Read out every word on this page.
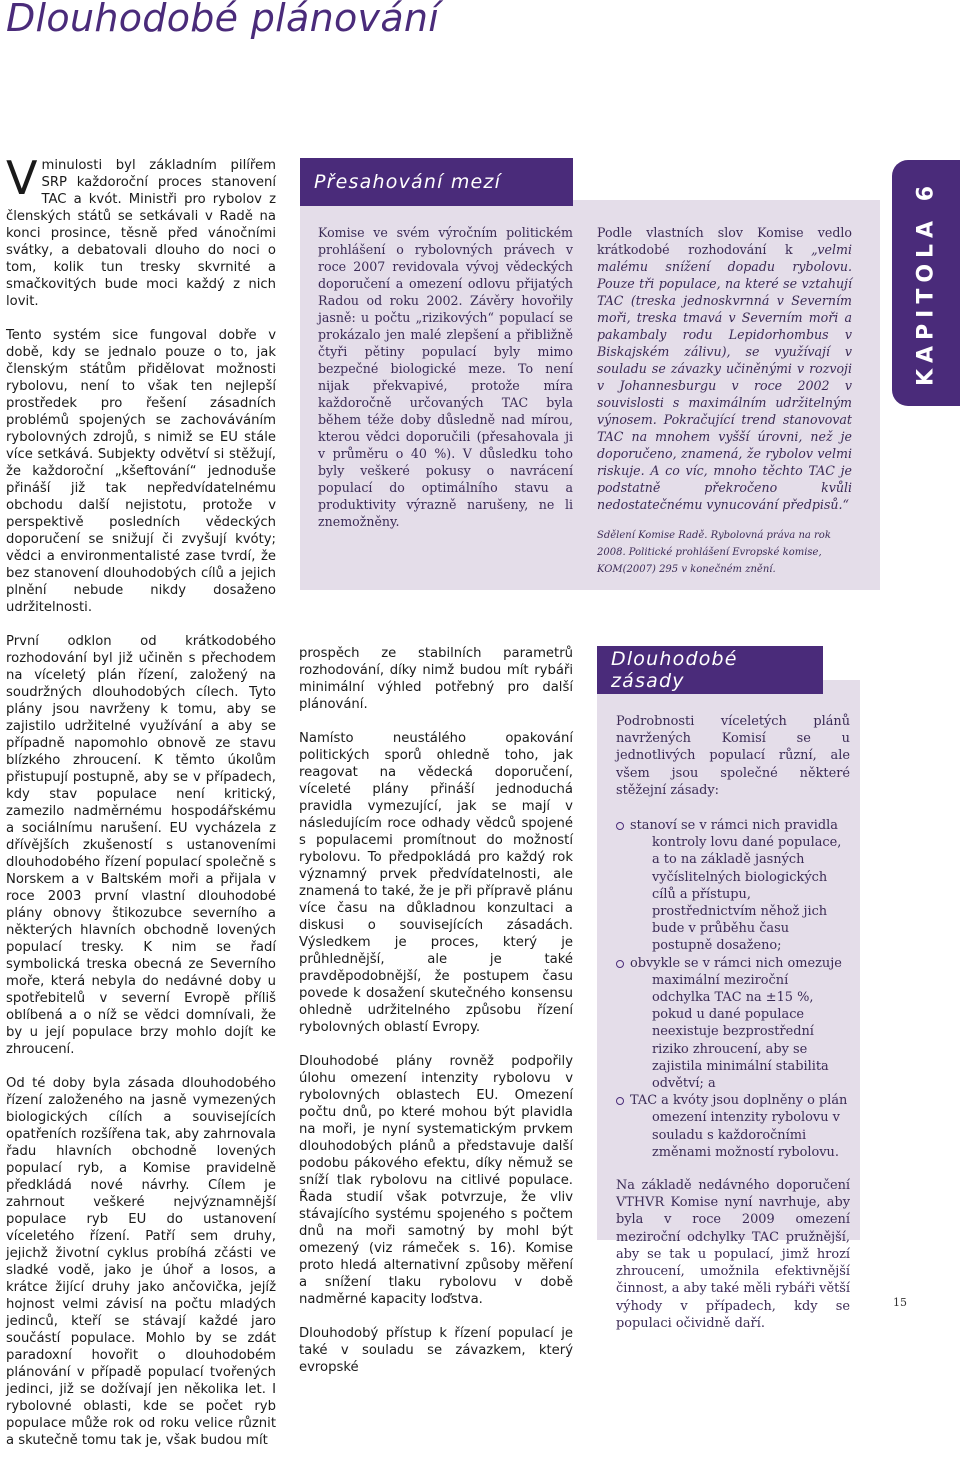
Dlouhodobé plánování
KAPITOLA 6

Vminulosti byl základním pilířem SRP každoroční proces stanovení TAC a kvót. Ministři pro rybolov z členských států se setkávali v Radě na konci prosince, těsně před vánočními svátky, a debatovali dlouho do noci o tom, kolik tun tresky skvrnité a smačkovitých bude moci každý z nich lovit.

Tento systém sice fungoval dobře v době, kdy se jednalo pouze o to, jak členským státům přidělovat možnosti rybolovu, není to však ten nejlepší prostředek pro řešení zásadních problémů spojených se zachováváním rybolovných zdrojů, s nimiž se EU stále více setkává. Subjekty odvětví si stěžují, že každoroční „kšeftování“ jednoduše přináší již tak nepředvídatelnému obchodu další nejistotu, protože v perspektivě posledních vědeckých doporučení se snižují či zvyšují kvóty; vědci a environmentalisté zase tvrdí, že bez stanovení dlouhodobých cílů a jejich plnění nebude nikdy dosaženo udržitelnosti.

První odklon od krátkodobého rozhodování byl již učiněn s přechodem na víceletý plán řízení, založený na soudržných dlouhodobých cílech. Tyto plány jsou navrženy k tomu, aby se zajistilo udržitelné využívání a aby se případně napomohlo obnově ze stavu blízkého zhroucení. K těmto úkolům přistupují postupně, aby se v případech, kdy stav populace není kritický, zamezilo nadměrnému hospodářskému a sociálnímu narušení. EU vycházela z dřívějších zkušeností s ustanoveními dlouhodobého řízení populací společně s Norskem a v Baltském moři a přijala v roce 2003 první vlastní dlouhodobé plány obnovy štikozubce severního a některých hlavních obchodně lovených populací tresky. K nim se řadí symbolická treska obecná ze Severního moře, která nebyla do nedávné doby u spotřebitelů v severní Evropě příliš oblíbená a o níž se vědci domnívali, že by u její populace brzy mohlo dojít ke zhroucení.

Od té doby byla zásada dlouhodobého řízení založeného na jasně vymezených biologických cílích a souvisejících opatřeních rozšířena tak, aby zahrnovala řadu hlavních obchodně lovených populací ryb, a Komise pravidelně předkládá nové návrhy. Cílem je zahrnout veškeré nejvýznamnější populace ryb EU do ustanovení víceletého řízení. Patří sem druhy, jejichž životní cyklus probíhá zčásti ve sladké vodě, jako je úhoř a losos, a krátce žijící druhy jako ančovička, jejíž hojnost velmi závisí na počtu mladých jedinců, kteří se stávají každé jaro součástí populace. Mohlo by se zdát paradoxní hovořit o dlouhodobém plánování v případě populací tvořených jedinci, již se dožívají jen několika let. I rybolovné oblasti, kde se počet ryb populace může rok od roku velice různit a skutečně tomu tak je, však budou mít

Přesahování mezí

Komise ve svém výročním politickém prohlášení o rybolovných právech v roce 2007 revidovala vývoj vědeckých doporučení a omezení odlovu přijatých Radou od roku 2002. Závěry hovořily jasně: u počtu „rizikových“ populací se prokázalo jen malé zlepšení a přibližně čtyři pětiny populací byly mimo bezpečné biologické meze. To není nijak překvapivé, protože míra každoročně určovaných TAC byla během téže doby důsledně nad mírou, kterou vědci doporučili (přesahovala ji v průměru o 40 %). V důsledku toho byly veškeré pokusy o navrácení populací do optimálního stavu a produktivity výrazně narušeny, ne li znemožněny.

Podle vlastních slov Komise vedlo krátkodobé rozhodování k „velmi malému snížení dopadu rybolovu. Pouze tři populace, na které se vztahují TAC (treska jednoskvrnná v Severním moři, treska tmavá v Severním moři a pakambaly rodu Lepidorhombus v Biskajském zálivu), se využívají v souladu se závazky učiněnými v rozvoji v Johannesburgu v roce 2002 v souvislosti s maximálním udržitelným výnosem. Pokračující trend stanovovat TAC na mnohem vyšší úrovni, než je doporučeno, znamená, že rybolov velmi riskuje. A co víc, mnoho těchto TAC je podstatně překročeno kvůli nedostatečnému vynucování předpisů.“

Sdělení Komise Radě. Rybolovná práva na rok 2008. Politické prohlášení Evropské komise, KOM(2007) 295 v konečném znění.

prospěch ze stabilních parametrů rozhodování, díky nimž budou mít rybáři minimální výhled potřebný pro další plánování.

Namísto neustálého opakování politických sporů ohledně toho, jak reagovat na vědecká doporučení, víceleté plány přináší jednoduchá pravidla vymezující, jak se mají v následujícím roce odhady vědců spojené s populacemi promítnout do možností rybolovu. To předpokládá pro každý rok významný prvek předvídatelnosti, ale znamená to také, že je při přípravě plánu více času na důkladnou konzultaci a diskusi o souvisejících zásadách. Výsledkem je proces, který je průhlednější, ale je také pravděpodobnější, že postupem času povede k dosažení skutečného konsensu ohledně udržitelného způsobu řízení rybolovných oblastí Evropy.

Dlouhodobé plány rovněž podpořily úlohu omezení intenzity rybolovu v rybolovných oblastech EU. Omezení počtu dnů, po které mohou být plavidla na moři, je nyní systematickým prvkem dlouhodobých plánů a představuje další podobu pákového efektu, díky němuž se sníží tlak rybolovu na citlivé populace. Řada studií však potvrzuje, že vliv stávajícího systému spojeného s počtem dnů na moři samotný by mohl být omezený (viz rámeček s. 16). Komise proto hledá alternativní způsoby měření a snížení tlaku rybolovu v době nadměrné kapacity loďstva.

Dlouhodobý přístup k řízení populací je také v souladu se závazkem, který evropské

Dlouhodobé zásady

Podrobnosti víceletých plánů navržených Komisí se u jednotlivých populací různí, ale všem jsou společné některé stěžejní zásady:

stanoví se v rámci nich pravidla kontroly lovu dané populace, a to na základě jasných vyčíslitelných biologických cílů a přístupu, prostřednictvím něhož jich bude v průběhu času postupně dosaženo;
obvykle se v rámci nich omezuje maximální meziroční odchylka TAC na ±15 %, pokud u dané populace neexistuje bezprostřední riziko zhroucení, aby se zajistila minimální stabilita odvětví; a
TAC a kvóty jsou doplněny o plán omezení intenzity rybolovu v souladu s každoročními změnami možností rybolovu.

Na základě nedávného doporučení VTHVR Komise nyní navrhuje, aby byla v roce 2009 omezení meziroční odchylky TAC pružnější, aby se tak u populací, jimž hrozí zhroucení, umožnila efektivnější činnost, a aby také měli rybáři větší výhody v případech, kdy se populaci očividně daří.

15
